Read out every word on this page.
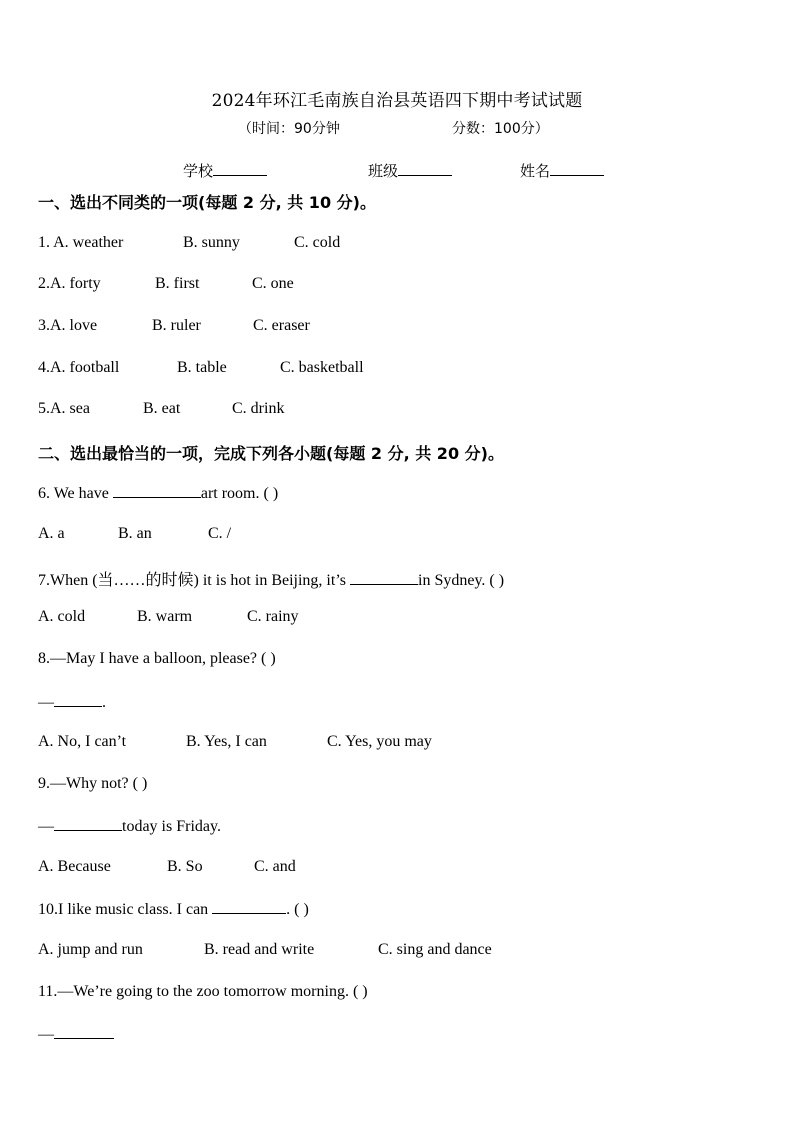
2024年环江毛南族自治县英语四下期中考试试题
（时间：90分钟	分数：100分）
学校	班级	姓名
一、选出不同类的一项(每题 2 分, 共 10 分)。
1. A. weather	B. sunny	C. cold
2.A. forty	B. first	C. one
3.A. love	B. ruler	C. eraser
4.A. football	B. table	C. basketball
5.A. sea	B. eat	C. drink
二、选出最恰当的一项，完成下列各小题(每题 2 分, 共 20 分)。
6. We have	art room. ( )
A. a	B. an	C. /
7.When (当……的时候) it is hot in Beijing, it’s	in Sydney. ( )
A. cold	B. warm	C. rainy
8.—May I have a balloon, please? ( )
—	.
A. No, I can’t	B. Yes, I can	C. Yes, you may
9.—Why not? ( )
—	today is Friday.
A. Because	B. So	C. and
10.I like music class. I can	. ( )
A. jump and run	B. read and write	C. sing and dance
11.—We’re going to the zoo tomorrow morning. ( )
—
